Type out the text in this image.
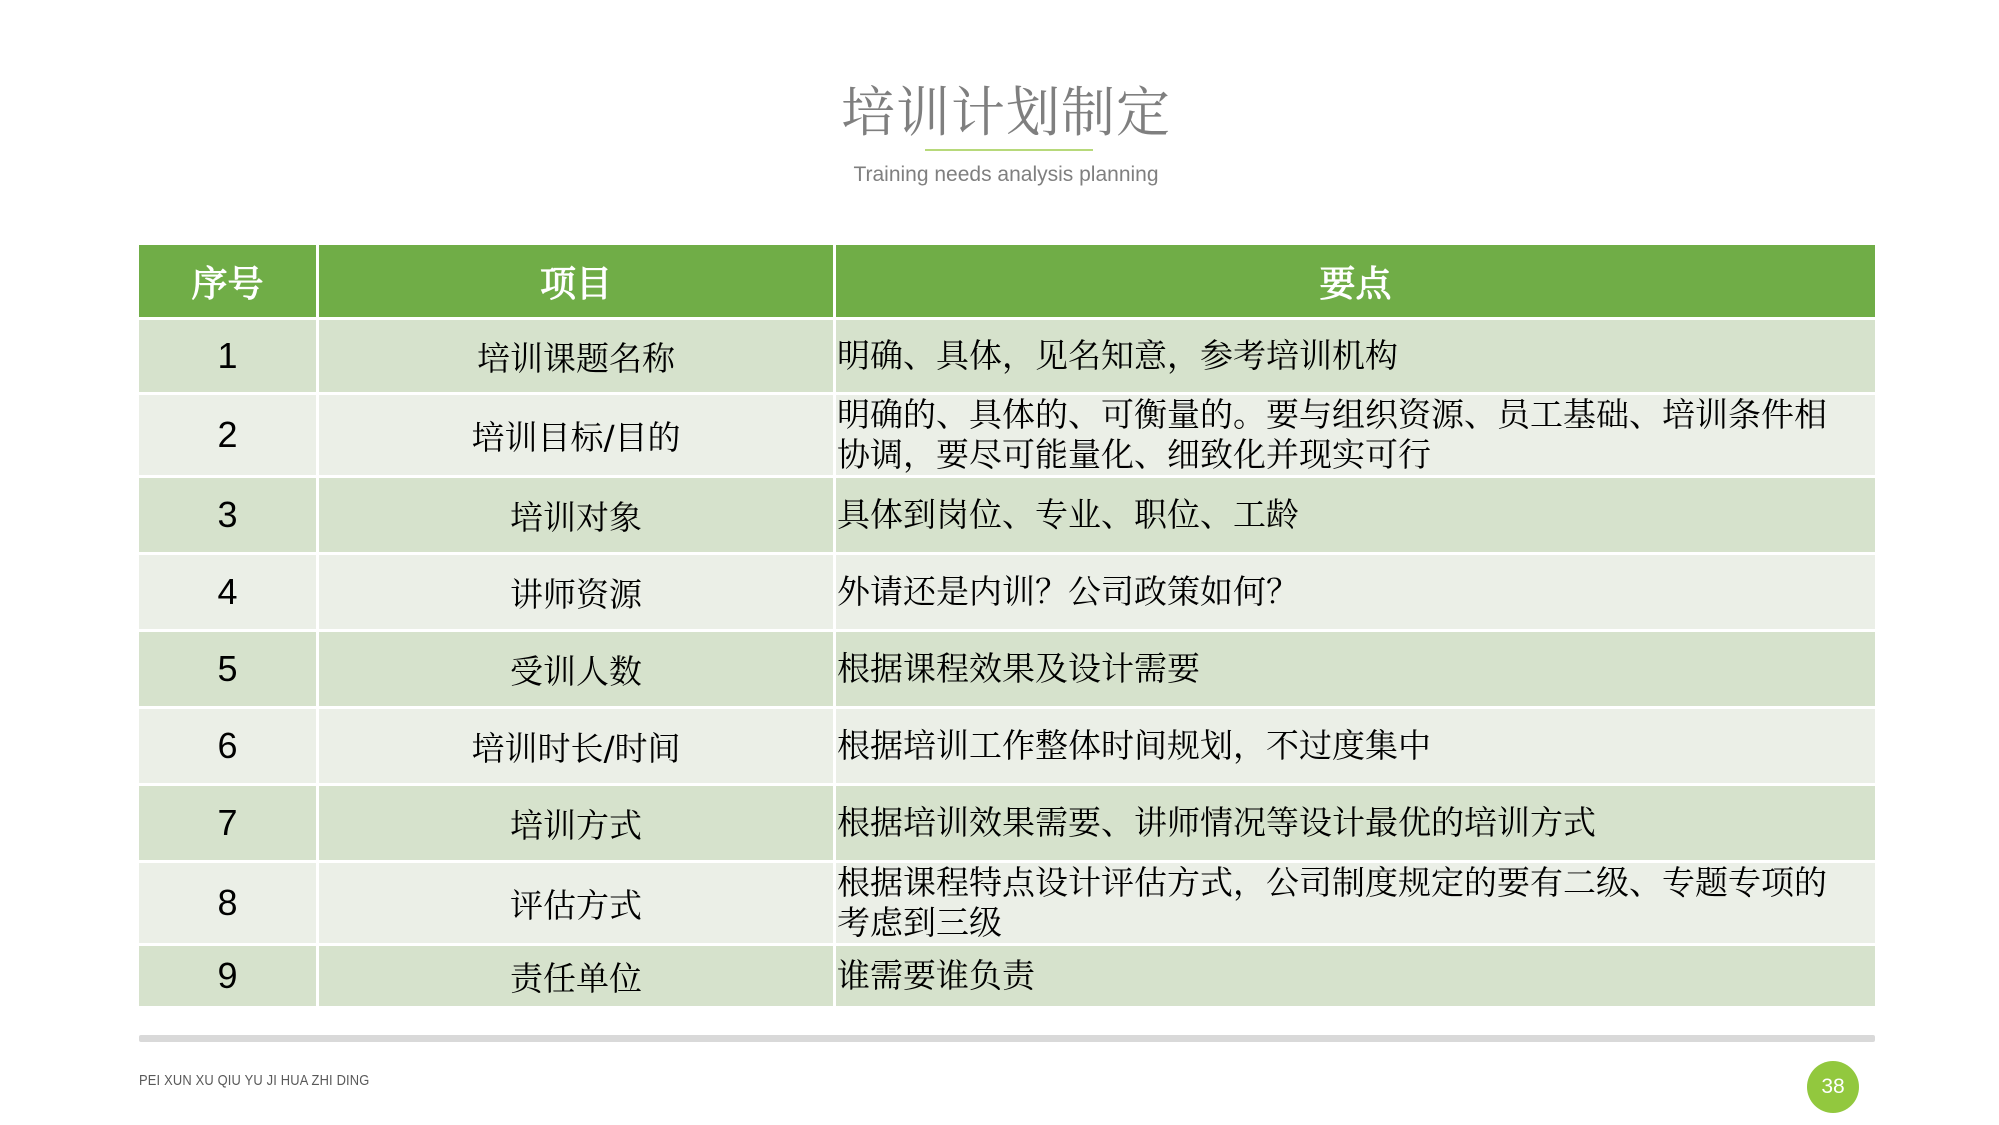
培训计划制定
Training needs analysis planning
序号	项目	要点
1	培训课题名称	明确、具体，见名知意，参考培训机构
2	培训目标/目的	明确的、具体的、可衡量的。要与组织资源、员工基础、培训条件相协调，要尽可能量化、细致化并现实可行
3	培训对象	具体到岗位、专业、职位、工龄
4	讲师资源	外请还是内训？公司政策如何？
5	受训人数	根据课程效果及设计需要
6	培训时长/时间	根据培训工作整体时间规划，不过度集中
7	培训方式	根据培训效果需要、讲师情况等设计最优的培训方式
8	评估方式	根据课程特点设计评估方式，公司制度规定的要有二级、专题专项的考虑到三级
9	责任单位	谁需要谁负责
PEI XUN XU QIU YU JI HUA ZHI DING	38
